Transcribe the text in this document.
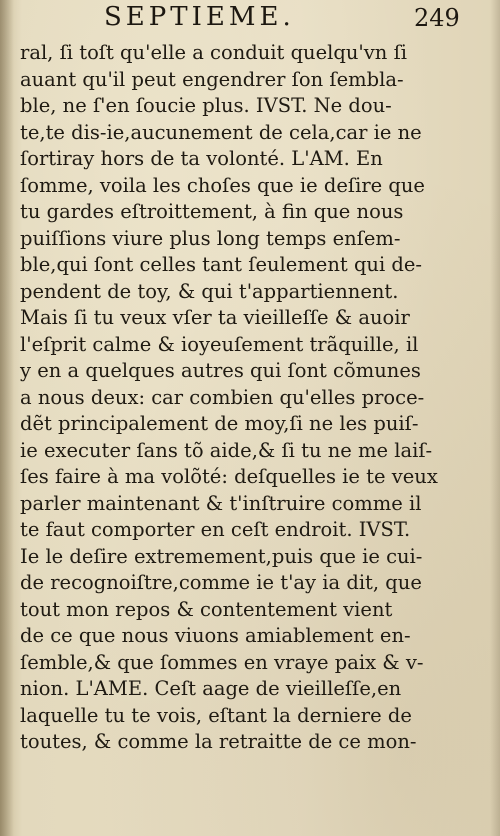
SEPTIEME.	249
ral, ſi toſt qu'elle a conduit quelqu'vn ſi
auant qu'il peut engendrer ſon ſembla-
ble, ne ſ'en ſoucie plus. IVST. Ne dou-
te,te dis-ie,aucunement de cela,car ie ne
ſortiray hors de ta volonté. L'AM. En
ſomme, voila les choſes que ie deſire que
tu gardes eſtroittement, à fin que nous
puiſſions viure plus long temps enſem-
ble,qui ſont celles tant ſeulement qui de-
pendent de toy, & qui t'appartiennent.
Mais ſi tu veux vſer ta vieilleſſe & auoir
l'eſprit calme & ioyeuſement trãquille, il
y en a quelques autres qui ſont cõmunes
a nous deux: car combien qu'elles proce-
dẽt principalement de moy,ſi ne les puiſ-
ie executer ſans tõ aide,& ſi tu ne me laiſ-
ſes faire à ma volõté: deſquelles ie te veux
parler maintenant & t'inſtruire comme il
te faut comporter en ceſt endroit. IVST.
Ie le deſire extremement,puis que ie cui-
de recognoiſtre,comme ie t'ay ia dit, que
tout mon repos & contentement vient
de ce que nous viuons amiablement en-
ſemble,& que ſommes en vraye paix & v-
nion. L'AME. Ceſt aage de vieilleſſe,en
laquelle tu te vois, eſtant la derniere de
toutes, & comme la retraitte de ce mon-
